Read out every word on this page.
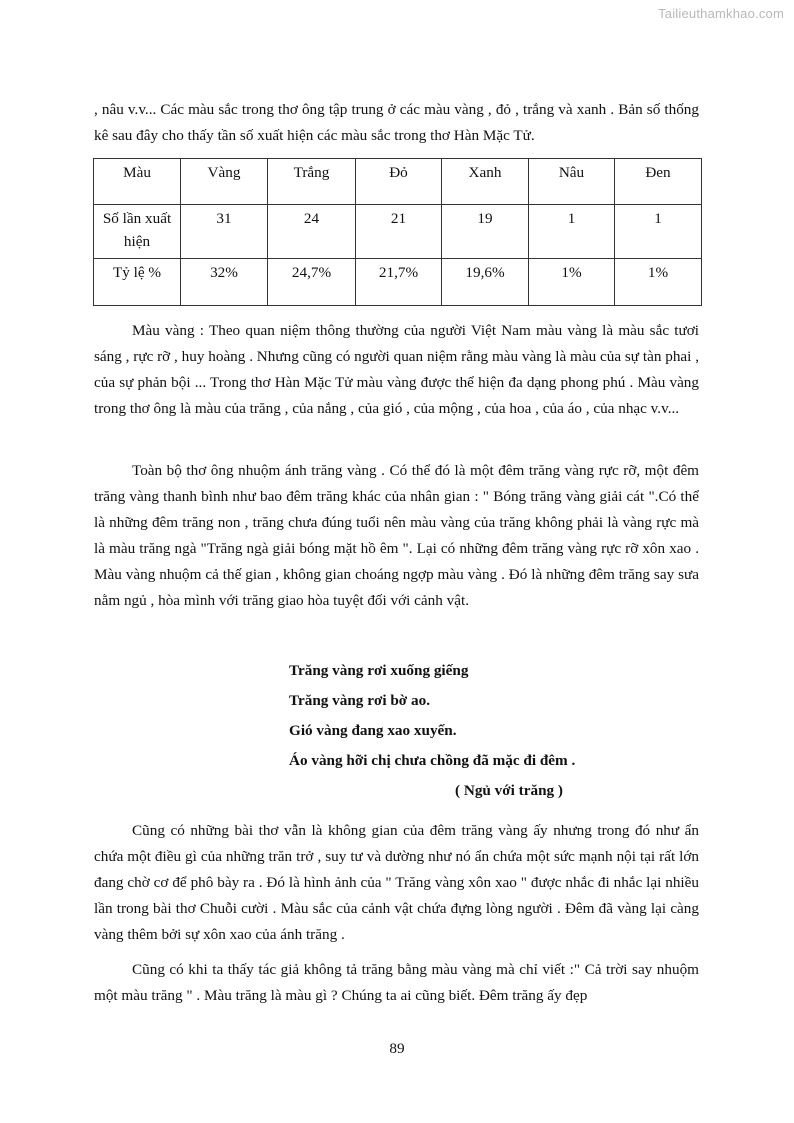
Tailieuthamkhao.com

, nâu v.v... Các màu sắc trong thơ ông tập trung ở các màu vàng , đỏ , trắng và xanh . Bản số thống kê sau đây cho thấy tần số xuất hiện các màu sắc trong thơ Hàn Mặc Tử.

Màu	Vàng	Trắng	Đỏ	Xanh	Nâu	Đen
Số lần xuất hiện	31	24	21	19	1	1
Tỷ lệ %	32%	24,7%	21,7%	19,6%	1%	1%

Màu vàng : Theo quan niệm thông thường của người Việt Nam màu vàng là màu sắc tươi sáng , rực rỡ , huy hoàng . Nhưng cũng có người quan niệm rằng màu vàng là màu của sự tàn phai , của sự phản bội ... Trong thơ Hàn Mặc Tử màu vàng được thể hiện đa dạng phong phú . Màu vàng trong thơ ông là màu của trăng , của nắng , của gió , của mộng , của hoa , của áo , của nhạc v.v...

Toàn bộ thơ ông nhuộm ánh trăng vàng . Có thể đó là một đêm trăng vàng rực rỡ, một đêm trăng vàng thanh bình như bao đêm trăng khác của nhân gian : " Bóng trăng vàng giải cát ".Có thể là những đêm trăng non , trăng chưa đúng tuổi nên màu vàng của trăng không phải là vàng rực mà là màu trăng ngà "Trăng ngà giải bóng mặt hồ êm ". Lại có những đêm trăng vàng rực rỡ xôn xao . Màu vàng nhuộm cả thế gian , không gian choáng ngợp màu vàng . Đó là những đêm trăng say sưa nằm ngủ , hòa mình với trăng giao hòa tuyệt đối với cảnh vật.

Trăng vàng rơi xuống giếng
Trăng vàng rơi bờ ao.
Gió vàng đang xao xuyến.
Áo vàng hỡi chị chưa chồng đã mặc đi đêm .
( Ngủ với trăng )

Cũng có những bài thơ vẫn là không gian của đêm trăng vàng ấy nhưng trong đó như ẩn chứa một điều gì của những trăn trở , suy tư và dường như nó ẩn chứa một sức mạnh nội tại rất lớn đang chờ cơ để phô bày ra . Đó là hình ảnh của " Trăng vàng xôn xao " được nhắc đi nhắc lại nhiều lần trong bài thơ Chuỗi cười . Màu sắc của cảnh vật chứa đựng lòng người . Đêm đã vàng lại càng vàng thêm bởi sự xôn xao của ánh trăng .

Cũng có khi ta thấy tác giả không tả trăng bằng màu vàng mà chỉ viết :" Cả trời say nhuộm một màu trăng " . Màu trăng là màu gì ? Chúng ta ai cũng biết. Đêm trăng ấy đẹp

89
